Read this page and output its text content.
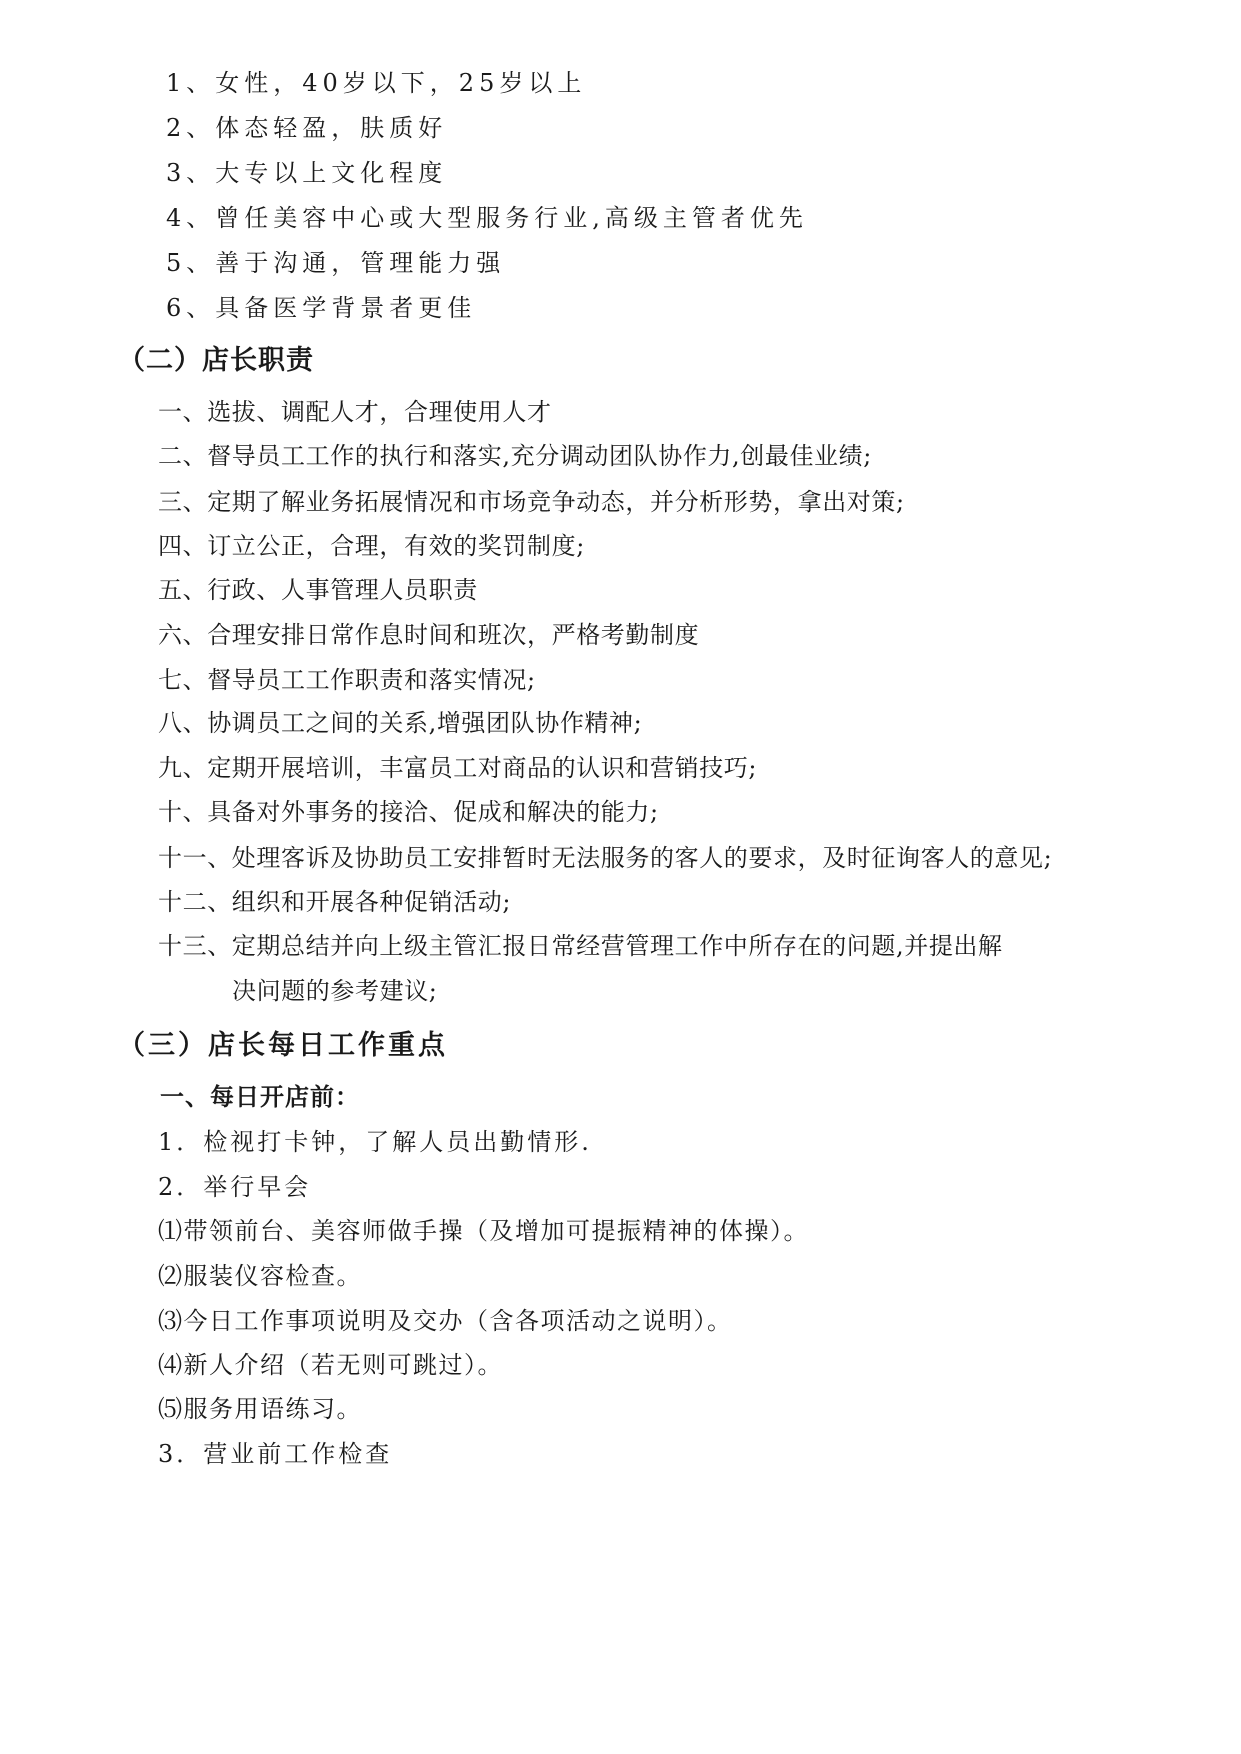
1、女性，40岁以下，25岁以上
2、体态轻盈，肤质好
3、大专以上文化程度
4、曾任美容中心或大型服务行业,高级主管者优先
5、善于沟通，管理能力强
6、具备医学背景者更佳
（二）店长职责
一、选拔、调配人才，合理使用人才
二、督导员工工作的执行和落实,充分调动团队协作力,创最佳业绩;
三、定期了解业务拓展情况和市场竞争动态，并分析形势，拿出对策;
四、订立公正，合理，有效的奖罚制度;
五、行政、人事管理人员职责
六、合理安排日常作息时间和班次，严格考勤制度
七、督导员工工作职责和落实情况;
八、协调员工之间的关系,增强团队协作精神;
九、定期开展培训，丰富员工对商品的认识和营销技巧;
十、具备对外事务的接洽、促成和解决的能力;
十一、处理客诉及协助员工安排暂时无法服务的客人的要求，及时征询客人的意见;
十二、组织和开展各种促销活动;
十三、定期总结并向上级主管汇报日常经营管理工作中所存在的问题,并提出解
决问题的参考建议;
（三）店长每日工作重点
一、每日开店前：
1．检视打卡钟，了解人员出勤情形.
2．举行早会
⑴带领前台、美容师做手操（及增加可提振精神的体操）。
⑵服装仪容检查。
⑶今日工作事项说明及交办（含各项活动之说明）。
⑷新人介绍（若无则可跳过）。
⑸服务用语练习。
3．营业前工作检查
